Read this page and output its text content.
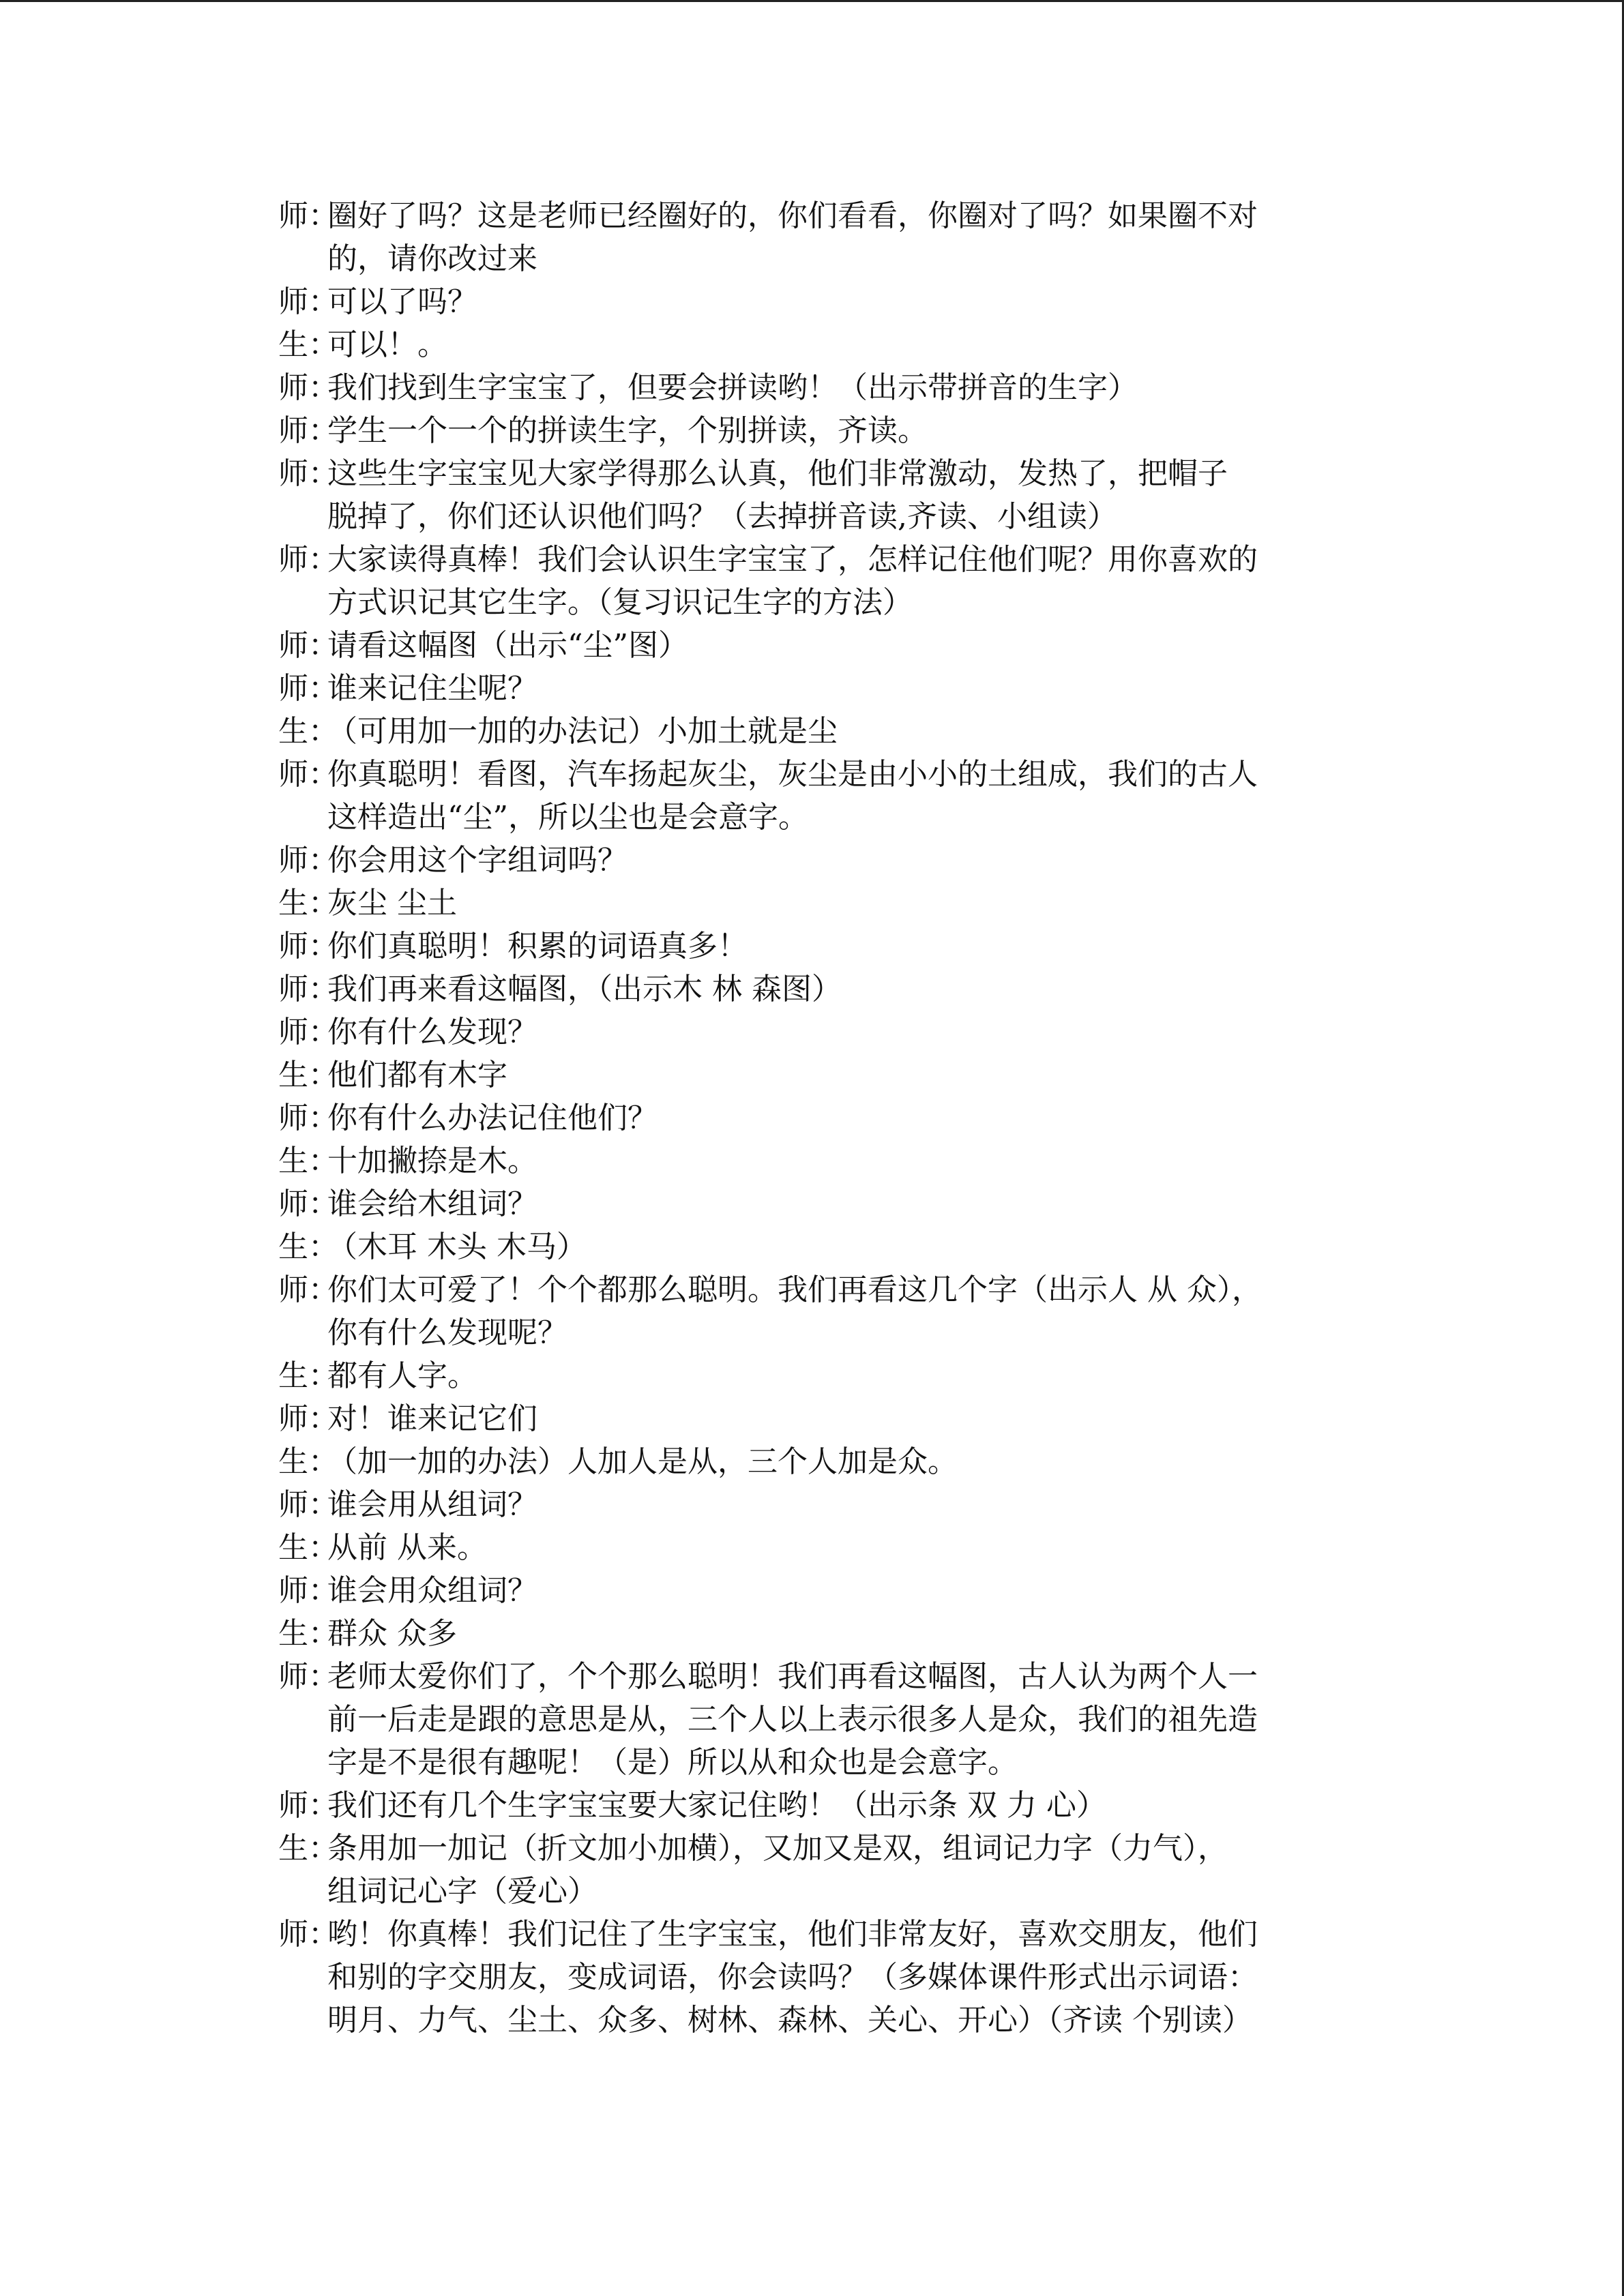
师：
圈好了吗？这是老师已经圈好的，你们看看，你圈对了吗？如果圈不对
的，请你改过来
师：
可以了吗？
生：
可以！。
师：
我们找到生字宝宝了，但要会拼读哟！（出示带拼音的生字）
师：
学生一个一个的拼读生字，个别拼读，齐读。
师：
这些生字宝宝见大家学得那么认真，他们非常激动，发热了，把帽子
脱掉了，你们还认识他们吗？（去掉拼音读,齐读、小组读）
师：
大家读得真棒！我们会认识生字宝宝了，怎样记住他们呢？用你喜欢的
方式识记其它生字。（复习识记生字的方法）
师：
请看这幅图（出示“尘”图）
师：
谁来记住尘呢？
生：
（可用加一加的办法记）小加土就是尘
师：
你真聪明！看图，汽车扬起灰尘，灰尘是由小小的土组成，我们的古人
这样造出“尘”，所以尘也是会意字。
师：
你会用这个字组词吗？
生：
灰尘 尘土
师：
你们真聪明！积累的词语真多！
师：
我们再来看这幅图，（出示木 林 森图）
师：
你有什么发现？
生：
他们都有木字
师：
你有什么办法记住他们？
生：
十加撇捺是木。
师：
谁会给木组词？
生：
（木耳 木头 木马）
师：
你们太可爱了！个个都那么聪明。我们再看这几个字（出示人 从 众），
你有什么发现呢？
生：
都有人字。
师：
对！谁来记它们
生：
（加一加的办法）人加人是从，三个人加是众。
师：
谁会用从组词？
生：
从前 从来。
师：
谁会用众组词？
生：
群众 众多
师：
老师太爱你们了，个个那么聪明！我们再看这幅图，古人认为两个人一
前一后走是跟的意思是从，三个人以上表示很多人是众，我们的祖先造
字是不是很有趣呢！（是）所以从和众也是会意字。
师：
我们还有几个生字宝宝要大家记住哟！（出示条 双 力 心）
生：
条用加一加记（折文加小加横），又加又是双，组词记力字（力气），
组词记心字（爱心）
师：
哟！你真棒！我们记住了生字宝宝，他们非常友好，喜欢交朋友，他们
和别的字交朋友，变成词语，你会读吗？（多媒体课件形式出示词语：
明月、力气、尘土、众多、树林、森林、关心、开心）（齐读 个别读）
